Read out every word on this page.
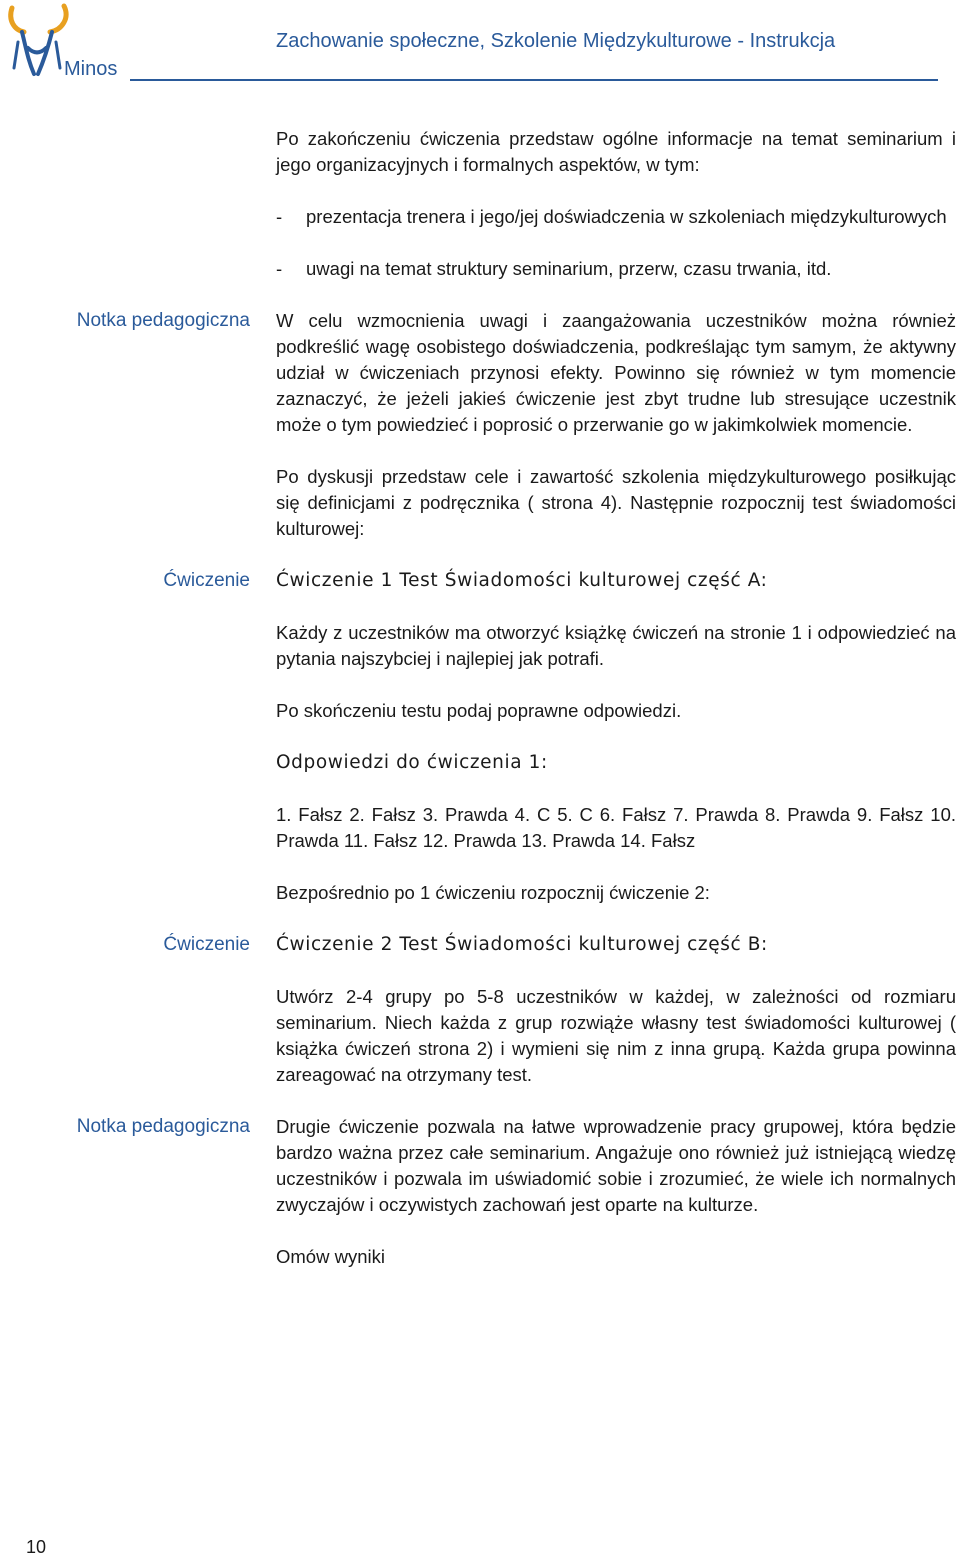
Minos
Zachowanie społeczne, Szkolenie Międzykulturowe - Instrukcja

Po zakończeniu ćwiczenia przedstaw ogólne informacje na temat seminarium i jego organizacyjnych i formalnych aspektów, w tym:

-	prezentacja trenera i jego/jej doświadczenia w szkoleniach międzykulturowych
-	uwagi na temat struktury seminarium, przerw, czasu trwania, itd.
Notka pedagogiczna W celu wzmocnienia uwagi i zaangażowania uczestników można również podkreślić wagę osobistego doświadczenia, podkreślając tym samym, że aktywny udział w ćwiczeniach przynosi efekty. Powinno się również w tym momencie zaznaczyć, że jeżeli jakieś ćwiczenie jest zbyt trudne lub stresujące uczestnik może o tym powiedzieć i poprosić o przerwanie go w jakimkolwiek momencie.

Po dyskusji przedstaw cele i zawartość szkolenia międzykulturowego posiłkując się definicjami z podręcznika ( strona 4). Następnie rozpocznij test świadomości kulturowej:

Ćwiczenie Ćwiczenie 1 Test Świadomości kulturowej część A:

Każdy z uczestników ma otworzyć książkę ćwiczeń na stronie 1 i odpowiedzieć na pytania najszybciej i najlepiej jak potrafi.

Po skończeniu testu podaj poprawne odpowiedzi.

Odpowiedzi do ćwiczenia 1:

1. Fałsz 2. Fałsz 3. Prawda 4. C 5. C 6. Fałsz 7. Prawda 8. Prawda 9. Fałsz 10. Prawda 11. Fałsz 12. Prawda 13. Prawda 14. Fałsz

Bezpośrednio po 1 ćwiczeniu rozpocznij ćwiczenie 2:

Ćwiczenie Ćwiczenie 2 Test Świadomości kulturowej część B:

Utwórz 2-4 grupy po 5-8 uczestników w każdej, w zależności od rozmiaru seminarium. Niech każda z grup rozwiąże własny test świadomości kulturowej ( książka ćwiczeń strona 2) i wymieni się nim z inna grupą. Każda grupa powinna zareagować na otrzymany test.

Notka pedagogiczna Drugie ćwiczenie pozwala na łatwe wprowadzenie pracy grupowej, która będzie bardzo ważna przez całe seminarium. Angażuje ono również już istniejącą wiedzę uczestników i pozwala im uświadomić sobie i zrozumieć, że wiele ich normalnych zwyczajów i oczywistych zachowań jest oparte na kulturze.

Omów wyniki

10
